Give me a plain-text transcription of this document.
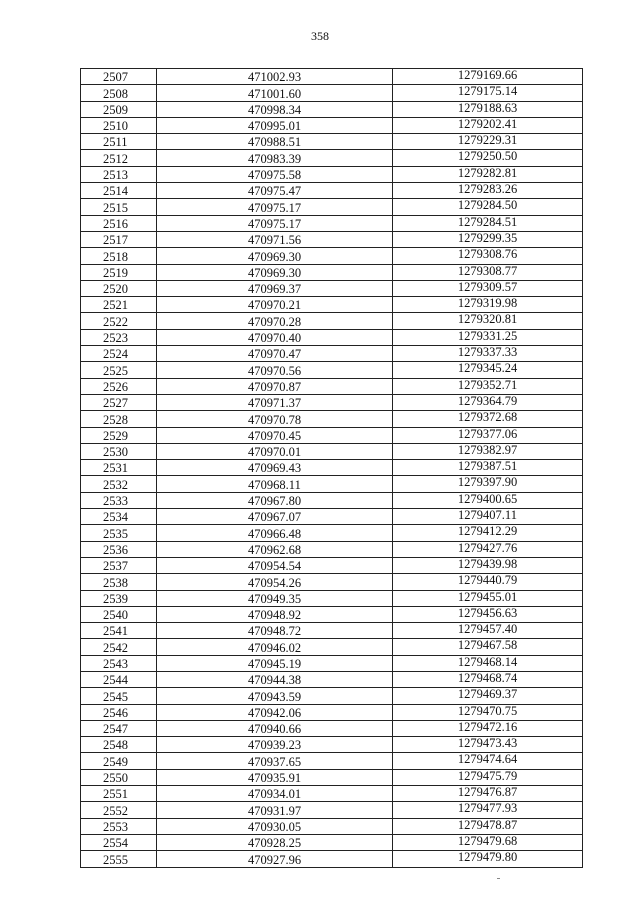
358
2507	471002.93	1279169.66
2508	471001.60	1279175.14
2509	470998.34	1279188.63
2510	470995.01	1279202.41
2511	470988.51	1279229.31
2512	470983.39	1279250.50
2513	470975.58	1279282.81
2514	470975.47	1279283.26
2515	470975.17	1279284.50
2516	470975.17	1279284.51
2517	470971.56	1279299.35
2518	470969.30	1279308.76
2519	470969.30	1279308.77
2520	470969.37	1279309.57
2521	470970.21	1279319.98
2522	470970.28	1279320.81
2523	470970.40	1279331.25
2524	470970.47	1279337.33
2525	470970.56	1279345.24
2526	470970.87	1279352.71
2527	470971.37	1279364.79
2528	470970.78	1279372.68
2529	470970.45	1279377.06
2530	470970.01	1279382.97
2531	470969.43	1279387.51
2532	470968.11	1279397.90
2533	470967.80	1279400.65
2534	470967.07	1279407.11
2535	470966.48	1279412.29
2536	470962.68	1279427.76
2537	470954.54	1279439.98
2538	470954.26	1279440.79
2539	470949.35	1279455.01
2540	470948.92	1279456.63
2541	470948.72	1279457.40
2542	470946.02	1279467.58
2543	470945.19	1279468.14
2544	470944.38	1279468.74
2545	470943.59	1279469.37
2546	470942.06	1279470.75
2547	470940.66	1279472.16
2548	470939.23	1279473.43
2549	470937.65	1279474.64
2550	470935.91	1279475.79
2551	470934.01	1279476.87
2552	470931.97	1279477.93
2553	470930.05	1279478.87
2554	470928.25	1279479.68
2555	470927.96	1279479.80
